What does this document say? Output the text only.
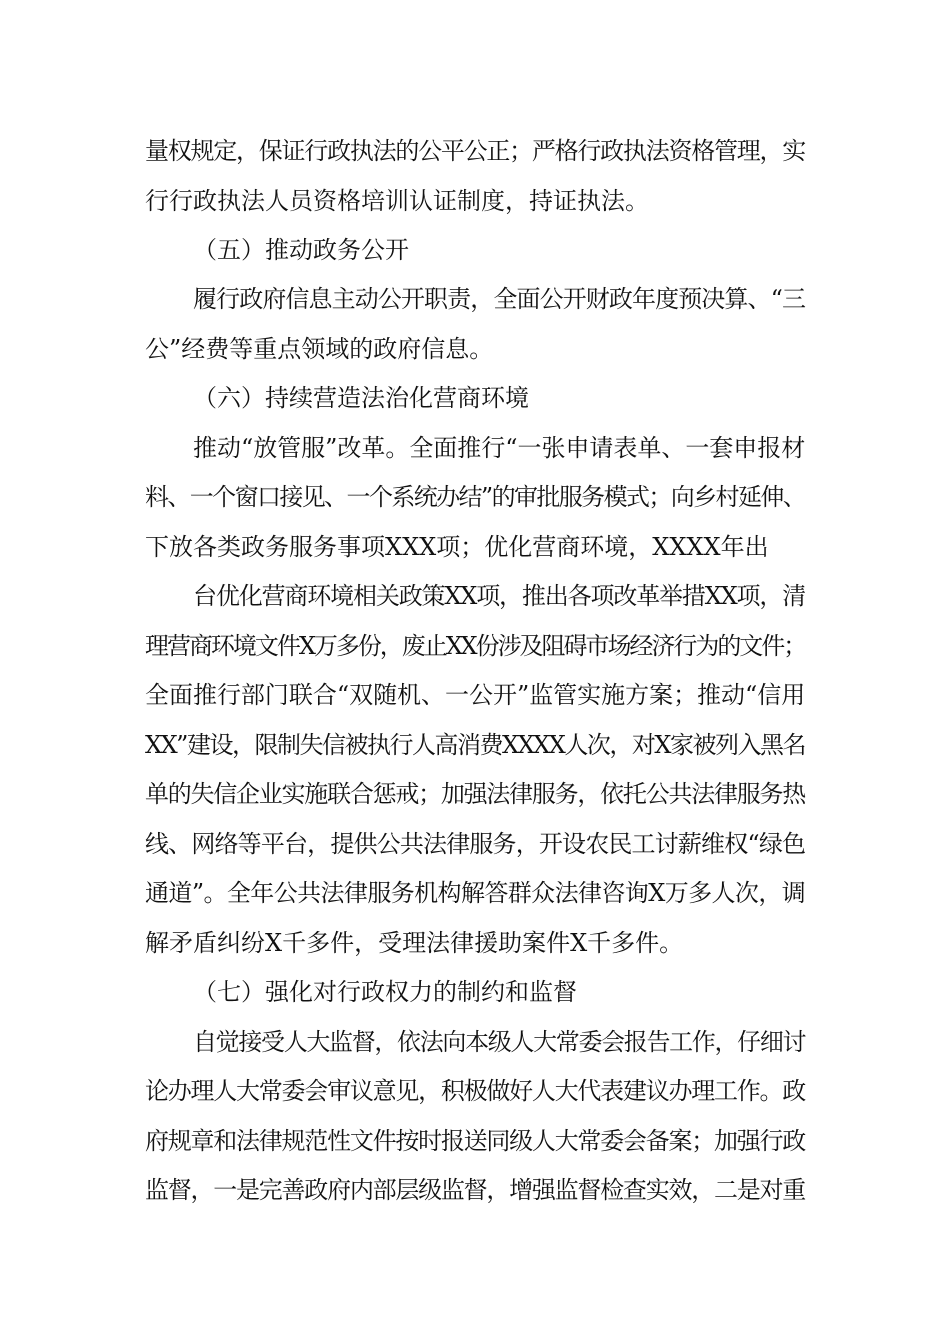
量权规定，保证行政执法的公平公正；严格行政执法资格管理，实
行行政执法人员资格培训认证制度，持证执法。
（五）推动政务公开
履行政府信息主动公开职责，全面公开财政年度预决算、“三
公”经费等重点领域的政府信息。
（六）持续营造法治化营商环境
推动“放管服”改革。全面推行“一张申请表单、一套申报材
料、一个窗口接见、一个系统办结”的审批服务模式；向乡村延伸、
下放各类政务服务事项XXX项；优化营商环境，XXXX年出
台优化营商环境相关政策XX项，推出各项改革举措XX项，清
理营商环境文件X万多份，废止XX份涉及阻碍市场经济行为的文件；
全面推行部门联合“双随机、一公开”监管实施方案；推动“信用
XX”建设，限制失信被执行人高消费XXXX人次，对X家被列入黑名
单的失信企业实施联合惩戒；加强法律服务，依托公共法律服务热
线、网络等平台，提供公共法律服务，开设农民工讨薪维权“绿色
通道”。全年公共法律服务机构解答群众法律咨询X万多人次，调
解矛盾纠纷X千多件，受理法律援助案件X千多件。
（七）强化对行政权力的制约和监督
自觉接受人大监督，依法向本级人大常委会报告工作，仔细讨
论办理人大常委会审议意见，积极做好人大代表建议办理工作。政
府规章和法律规范性文件按时报送同级人大常委会备案；加强行政
监督，一是完善政府内部层级监督，增强监督检查实效，二是对重
